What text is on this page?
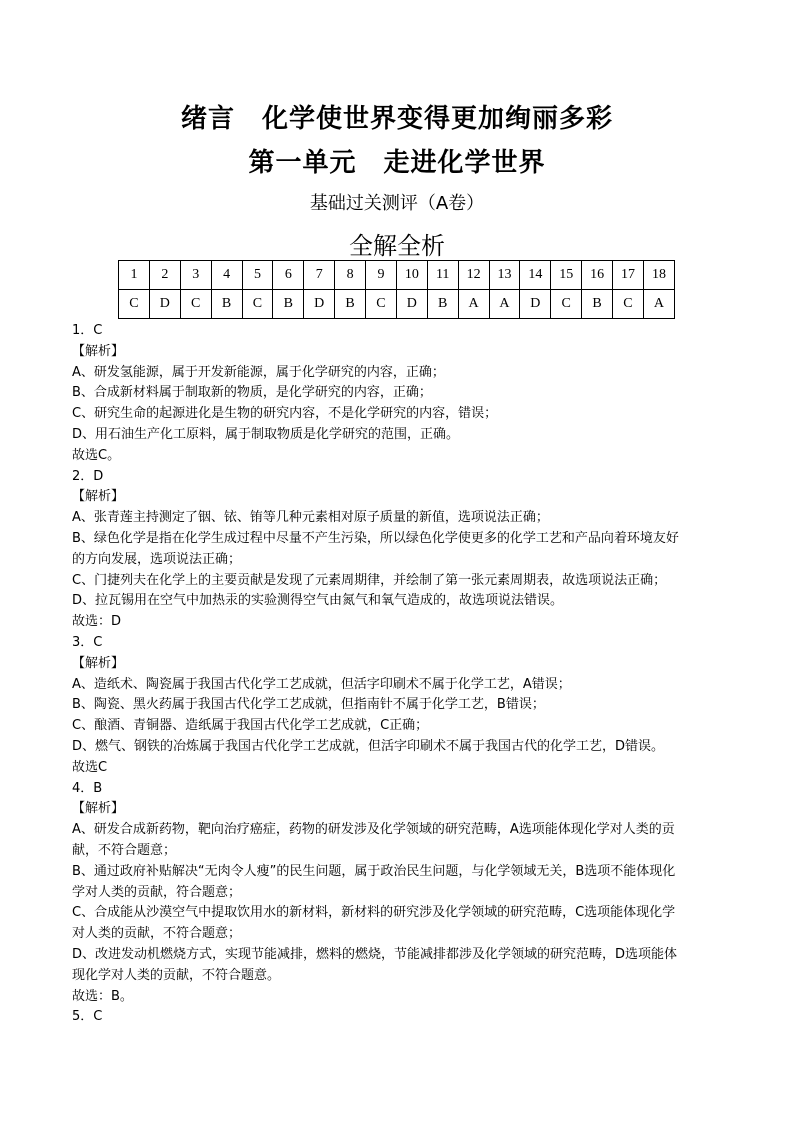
绪言　化学使世界变得更加绚丽多彩
第一单元　走进化学世界
基础过关测评（A卷）
全解全析
1	2	3	4	5	6	7	8	9	10	11	12	13	14	15	16	17	18
C	D	C	B	C	B	D	B	C	D	B	A	A	D	C	B	C	A

1．C

【解析】

A、研发氢能源，属于开发新能源，属于化学研究的内容，正确；

B、合成新材料属于制取新的物质，是化学研究的内容，正确；

C、研究生命的起源进化是生物的研究内容，不是化学研究的内容，错误；

D、用石油生产化工原料，属于制取物质是化学研究的范围，正确。

故选C。

2．D

【解析】

A、张青莲主持测定了铟、铱、铕等几种元素相对原子质量的新值，选项说法正确；

B、绿色化学是指在化学生成过程中尽量不产生污染，所以绿色化学使更多的化学工艺和产品向着环境友好

的方向发展，选项说法正确；

C、门捷列夫在化学上的主要贡献是发现了元素周期律，并绘制了第一张元素周期表，故选项说法正确；

D、拉瓦锡用在空气中加热汞的实验测得空气由氮气和氧气造成的，故选项说法错误。

故选：D

3．C

【解析】

A、造纸术、陶瓷属于我国古代化学工艺成就，但活字印刷术不属于化学工艺，A错误；

B、陶瓷、黑火药属于我国古代化学工艺成就，但指南针不属于化学工艺，B错误；

C、酿酒、青铜器、造纸属于我国古代化学工艺成就，C正确；

D、燃气、钢铁的冶炼属于我国古代化学工艺成就，但活字印刷术不属于我国古代的化学工艺，D错误。

故选C

4．B

【解析】

A、研发合成新药物，靶向治疗癌症，药物的研发涉及化学领域的研究范畴，A选项能体现化学对人类的贡

献，不符合题意；

B、通过政府补贴解决“无肉令人瘦”的民生问题，属于政治民生问题，与化学领域无关，B选项不能体现化

学对人类的贡献，符合题意；

C、合成能从沙漠空气中提取饮用水的新材料，新材料的研究涉及化学领域的研究范畴，C选项能体现化学

对人类的贡献，不符合题意；

D、改进发动机燃烧方式，实现节能减排，燃料的燃烧，节能减排都涉及化学领域的研究范畴，D选项能体

现化学对人类的贡献，不符合题意。

故选：B。

5．C
